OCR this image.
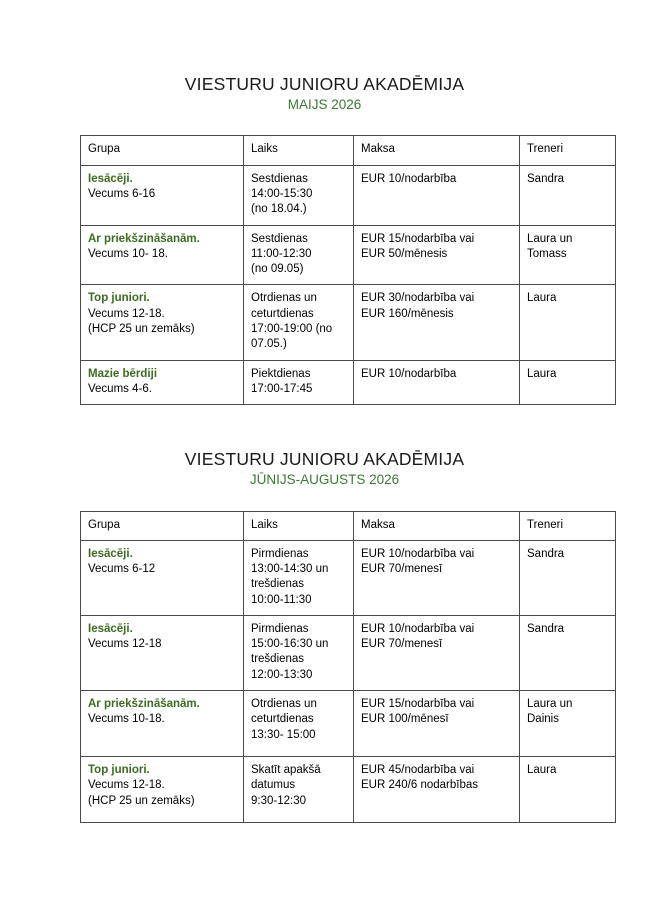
VIESTURU JUNIORU AKADĒMIJA
MAIJS 2026
Grupa	Laiks	Maksa	Treneri

Iesācēji.
Vecums 6-16	Sestdienas
14:00-15:30
(no 18.04.)	EUR 10/nodarbība	Sandra

Ar priekšzināšanām.
Vecums 10- 18.	Sestdienas
11:00-12:30
(no 09.05)	EUR 15/nodarbība vai
EUR 50/mēnesis	Laura un
Tomass

Top juniori.
Vecums 12-18.
(HCP 25 un zemāks)	Otrdienas un
ceturtdienas
17:00-19:00 (no
07.05.)	EUR 30/nodarbība vai
EUR 160/mēnesis	Laura

Mazie bērdiji
Vecums 4-6.	Piektdienas
17:00-17:45	EUR 10/nodarbība	Laura
VIESTURU JUNIORU AKADĒMIJA
JŪNIJS-AUGUSTS 2026
Grupa	Laiks	Maksa	Treneri

Iesācēji.
Vecums 6-12	Pirmdienas
13:00-14:30 un
trešdienas
10:00-11:30	EUR 10/nodarbība vai
EUR 70/menesī	Sandra

Iesācēji.
Vecums 12-18	Pirmdienas
15:00-16:30 un
trešdienas
12:00-13:30	EUR 10/nodarbība vai
EUR 70/menesī	Sandra

Ar priekšzināšanām.
Vecums 10-18.	Otrdienas un
ceturtdienas
13:30- 15:00	EUR 15/nodarbība vai
EUR 100/mēnesī	Laura un
Dainis

Top juniori.
Vecums 12-18.
(HCP 25 un zemāks)	Skatīt apakšā
datumus
9:30-12:30	EUR 45/nodarbība vai
EUR 240/6 nodarbības	Laura
